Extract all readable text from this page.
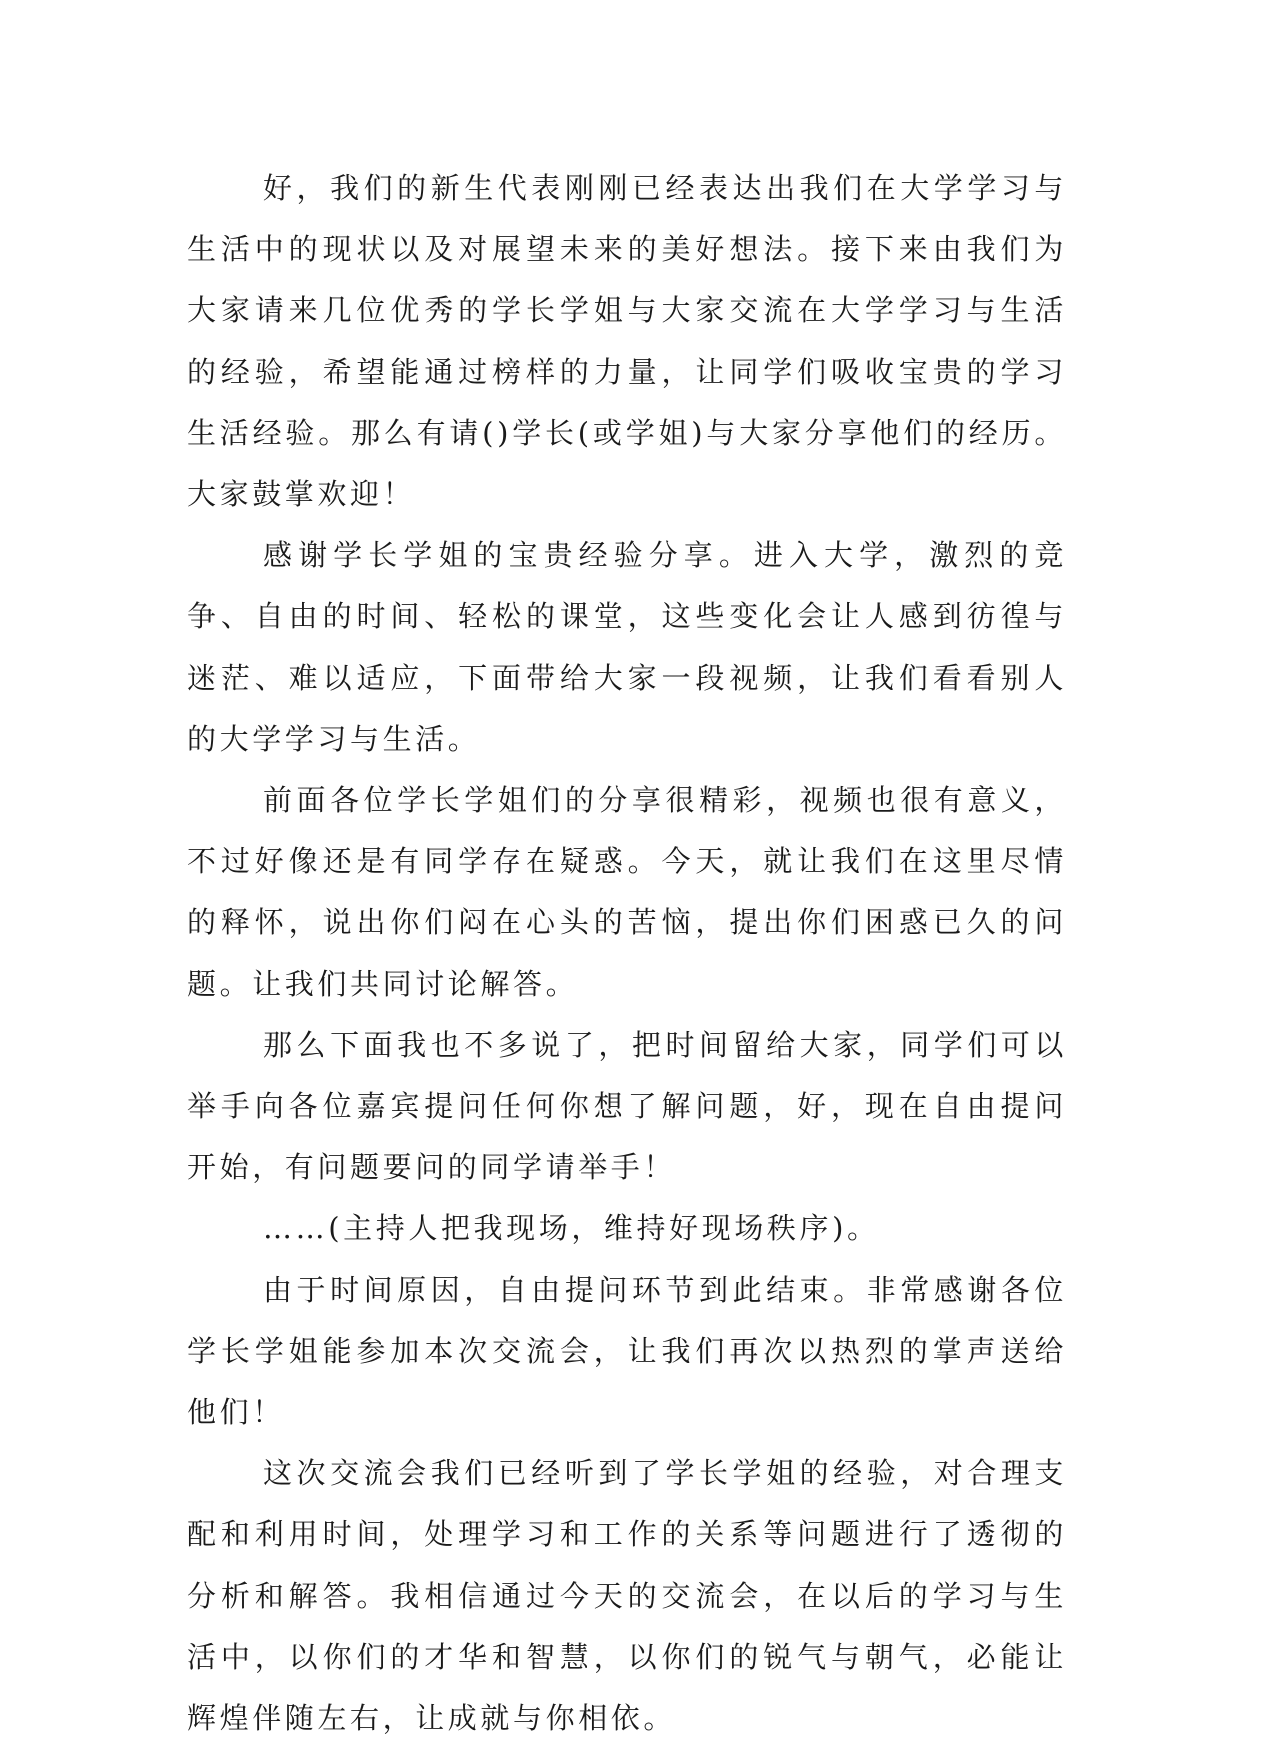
好，我们的新生代表刚刚已经表达出我们在大学学习与生活中的现状以及对展望未来的美好想法。接下来由我们为大家请来几位优秀的学长学姐与大家交流在大学学习与生活的经验，希望能通过榜样的力量，让同学们吸收宝贵的学习生活经验。那么有请()学长(或学姐)与大家分享他们的经历。大家鼓掌欢迎！

感谢学长学姐的宝贵经验分享。进入大学，激烈的竞争、自由的时间、轻松的课堂，这些变化会让人感到彷徨与迷茫、难以适应，下面带给大家一段视频，让我们看看别人的大学学习与生活。

前面各位学长学姐们的分享很精彩，视频也很有意义，不过好像还是有同学存在疑惑。今天，就让我们在这里尽情的释怀，说出你们闷在心头的苦恼，提出你们困惑已久的问题。让我们共同讨论解答。

那么下面我也不多说了，把时间留给大家，同学们可以举手向各位嘉宾提问任何你想了解问题，好，现在自由提问开始，有问题要问的同学请举手！

……(主持人把我现场，维持好现场秩序)。

由于时间原因，自由提问环节到此结束。非常感谢各位学长学姐能参加本次交流会，让我们再次以热烈的掌声送给他们！

这次交流会我们已经听到了学长学姐的经验，对合理支配和利用时间，处理学习和工作的关系等问题进行了透彻的分析和解答。我相信通过今天的交流会，在以后的学习与生活中，以你们的才华和智慧，以你们的锐气与朝气，必能让辉煌伴随左右，让成就与你相依。
